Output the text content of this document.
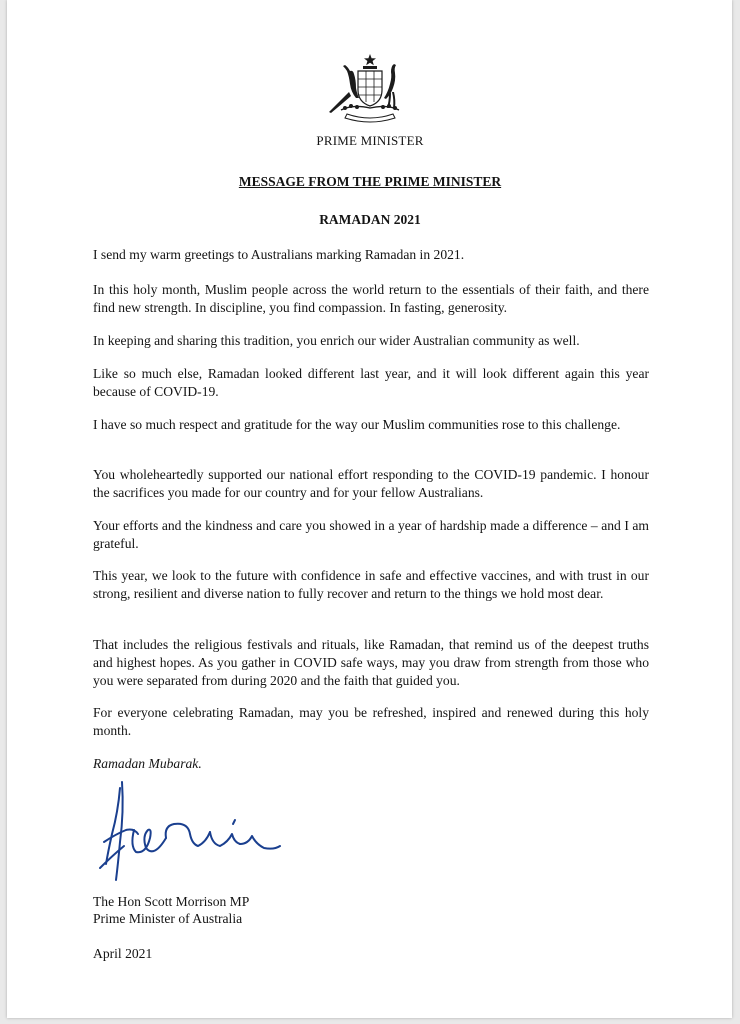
PRIME MINISTER
MESSAGE FROM THE PRIME MINISTER
RAMADAN 2021

I send my warm greetings to Australians marking Ramadan in 2021.

In this holy month, Muslim people across the world return to the essentials of their faith, and there find new strength. In discipline, you find compassion. In fasting, generosity.

In keeping and sharing this tradition, you enrich our wider Australian community as well.

Like so much else, Ramadan looked different last year, and it will look different again this year because of COVID-19.

I have so much respect and gratitude for the way our Muslim communities rose to this challenge.

You wholeheartedly supported our national effort responding to the COVID-19 pandemic. I honour the sacrifices you made for our country and for your fellow Australians.

Your efforts and the kindness and care you showed in a year of hardship made a difference – and I am grateful.

This year, we look to the future with confidence in safe and effective vaccines, and with trust in our strong, resilient and diverse nation to fully recover and return to the things we hold most dear.

That includes the religious festivals and rituals, like Ramadan, that remind us of the deepest truths and highest hopes. As you gather in COVID safe ways, may you draw from strength from those who you were separated from during 2020 and the faith that guided you.

For everyone celebrating Ramadan, may you be refreshed, inspired and renewed during this holy month.

Ramadan Mubarak.
The Hon Scott Morrison MP
Prime Minister of Australia
April 2021
